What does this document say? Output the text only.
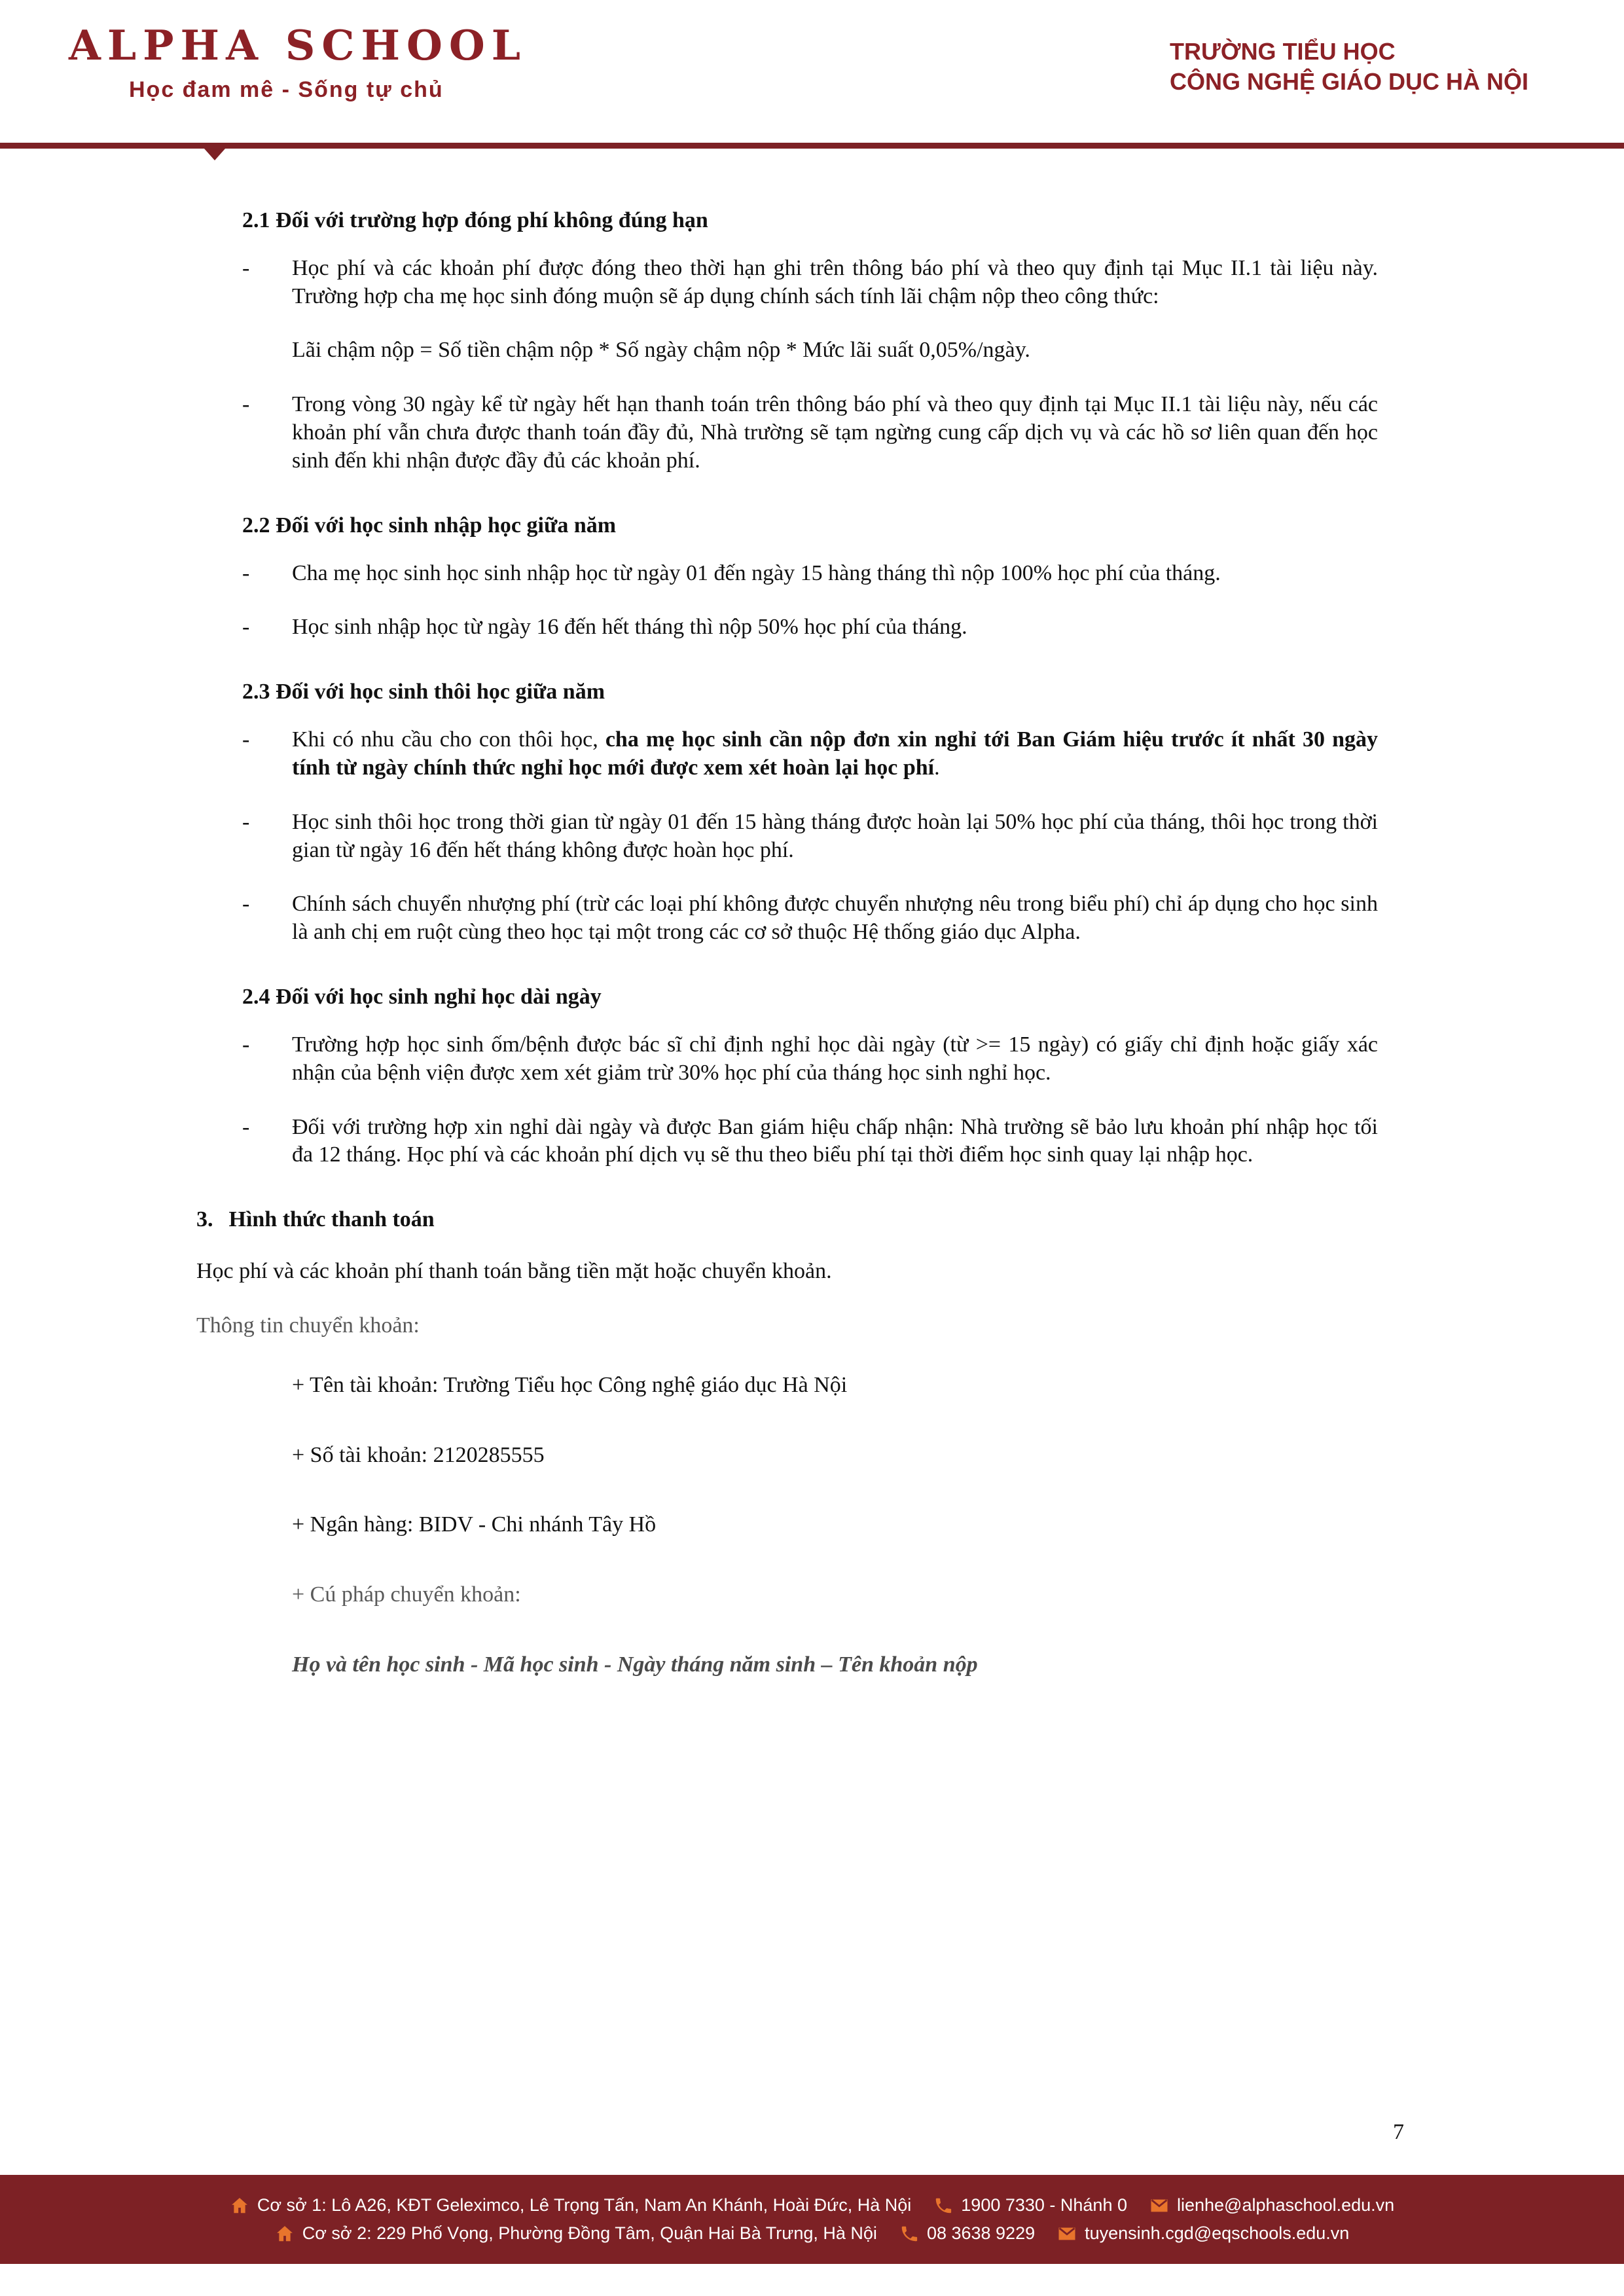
ALPHA SCHOOL
Học đam mê - Sống tự chủ
TRƯỜNG TIỂU HỌC
CÔNG NGHỆ GIÁO DỤC HÀ NỘI
2.1 Đối với trường hợp đóng phí không đúng hạn
-	Học phí và các khoản phí được đóng theo thời hạn ghi trên thông báo phí và theo quy định tại Mục II.1 tài liệu này. Trường hợp cha mẹ học sinh đóng muộn sẽ áp dụng chính sách tính lãi chậm nộp theo công thức:
Lãi chậm nộp = Số tiền chậm nộp * Số ngày chậm nộp * Mức lãi suất 0,05%/ngày.
-	Trong vòng 30 ngày kể từ ngày hết hạn thanh toán trên thông báo phí và theo quy định tại Mục II.1 tài liệu này, nếu các khoản phí vẫn chưa được thanh toán đầy đủ, Nhà trường sẽ tạm ngừng cung cấp dịch vụ và các hồ sơ liên quan đến học sinh đến khi nhận được đầy đủ các khoản phí.
2.2 Đối với học sinh nhập học giữa năm
-	Cha mẹ học sinh học sinh nhập học từ ngày 01 đến ngày 15 hàng tháng thì nộp 100% học phí của tháng.
-	Học sinh nhập học từ ngày 16 đến hết tháng thì nộp 50% học phí của tháng.
2.3 Đối với học sinh thôi học giữa năm
-	Khi có nhu cầu cho con thôi học, cha mẹ học sinh cần nộp đơn xin nghỉ tới Ban Giám hiệu trước ít nhất 30 ngày tính từ ngày chính thức nghỉ học mới được xem xét hoàn lại học phí.
-	Học sinh thôi học trong thời gian từ ngày 01 đến 15 hàng tháng được hoàn lại 50% học phí của tháng, thôi học trong thời gian từ ngày 16 đến hết tháng không được hoàn học phí.
-	Chính sách chuyển nhượng phí (trừ các loại phí không được chuyển nhượng nêu trong biểu phí) chỉ áp dụng cho học sinh là anh chị em ruột cùng theo học tại một trong các cơ sở thuộc Hệ thống giáo dục Alpha.
2.4 Đối với học sinh nghỉ học dài ngày
-	Trường hợp học sinh ốm/bệnh được bác sĩ chỉ định nghỉ học dài ngày (từ >= 15 ngày) có giấy chỉ định hoặc giấy xác nhận của bệnh viện được xem xét giảm trừ 30% học phí của tháng học sinh nghỉ học.
-	Đối với trường hợp xin nghỉ dài ngày và được Ban giám hiệu chấp nhận: Nhà trường sẽ bảo lưu khoản phí nhập học tối đa 12 tháng. Học phí và các khoản phí dịch vụ sẽ thu theo biểu phí tại thời điểm học sinh quay lại nhập học.
3. Hình thức thanh toán
Học phí và các khoản phí thanh toán bằng tiền mặt hoặc chuyển khoản.
Thông tin chuyển khoản:
+ Tên tài khoản: Trường Tiểu học Công nghệ giáo dục Hà Nội
+ Số tài khoản: 2120285555
+ Ngân hàng: BIDV - Chi nhánh Tây Hồ
+ Cú pháp chuyển khoản:
Họ và tên học sinh - Mã học sinh - Ngày tháng năm sinh – Tên khoản nộp
7
Cơ sở 1: Lô A26, KĐT Geleximco, Lê Trọng Tấn, Nam An Khánh, Hoài Đức, Hà Nội	1900 7330 - Nhánh 0	lienhe@alphaschool.edu.vn
Cơ sở 2: 229 Phố Vọng, Phường Đồng Tâm, Quận Hai Bà Trưng, Hà Nội	08 3638 9229	tuyensinh.cgd@eqschools.edu.vn
